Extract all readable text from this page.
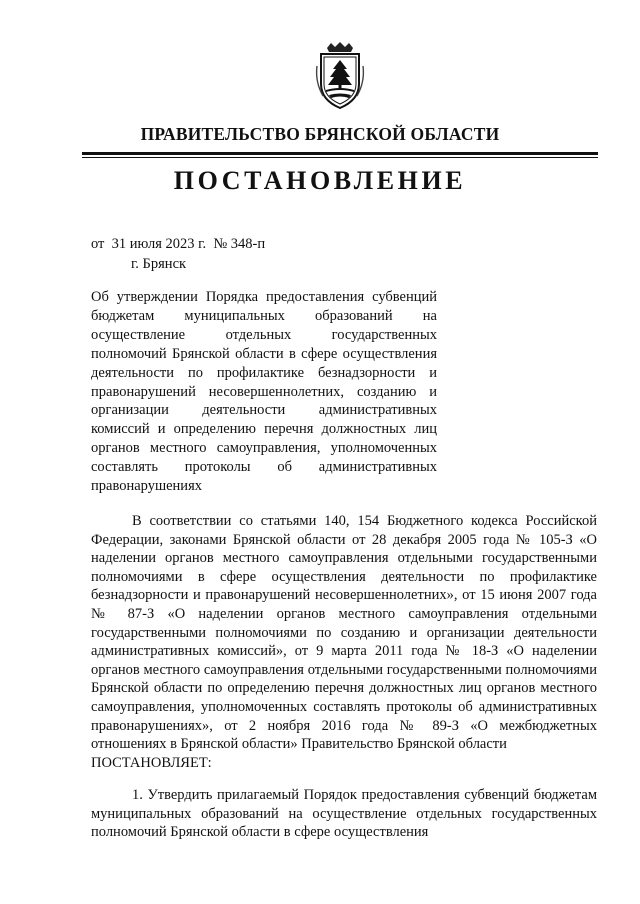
ПРАВИТЕЛЬСТВО БРЯНСКОЙ ОБЛАСТИ
ПОСТАНОВЛЕНИЕ
от  31 июля 2023 г.  № 348-п
г. Брянск
Об утверждении Порядка предоставления субвенций бюджетам муниципальных образований на осуществление отдельных государственных полномочий Брянской области в сфере осуществления деятельности по профилактике безнадзорности и правонарушений несовершеннолетних, созданию и организации деятельности административных комиссий и определению перечня должностных лиц органов местного самоуправления, уполномоченных составлять протоколы об административных правонарушениях

В соответствии со статьями 140, 154 Бюджетного кодекса Российской Федерации, законами Брянской области от 28 декабря 2005 года № 105-З «О наделении органов местного самоуправления отдельными государственными полномочиями в сфере осуществления деятельности по профилактике безнадзорности и правонарушений несовершеннолетних», от 15 июня 2007 года № 87-З «О наделении органов местного самоуправления отдельными государственными полномочиями по созданию и организации деятельности административных комиссий», от 9 марта 2011 года № 18-З «О наделении органов местного самоуправления отдельными государственными полномочиями Брянской области по определению перечня должностных лиц органов местного самоуправления, уполномоченных составлять протоколы об административных правонарушениях», от 2 ноября 2016 года № 89-З «О межбюджетных отношениях в Брянской области» Правительство Брянской области

ПОСТАНОВЛЯЕТ:
1. Утвердить прилагаемый Порядок предоставления субвенций бюджетам муниципальных образований на осуществление отдельных государственных полномочий Брянской области в сфере осуществления
